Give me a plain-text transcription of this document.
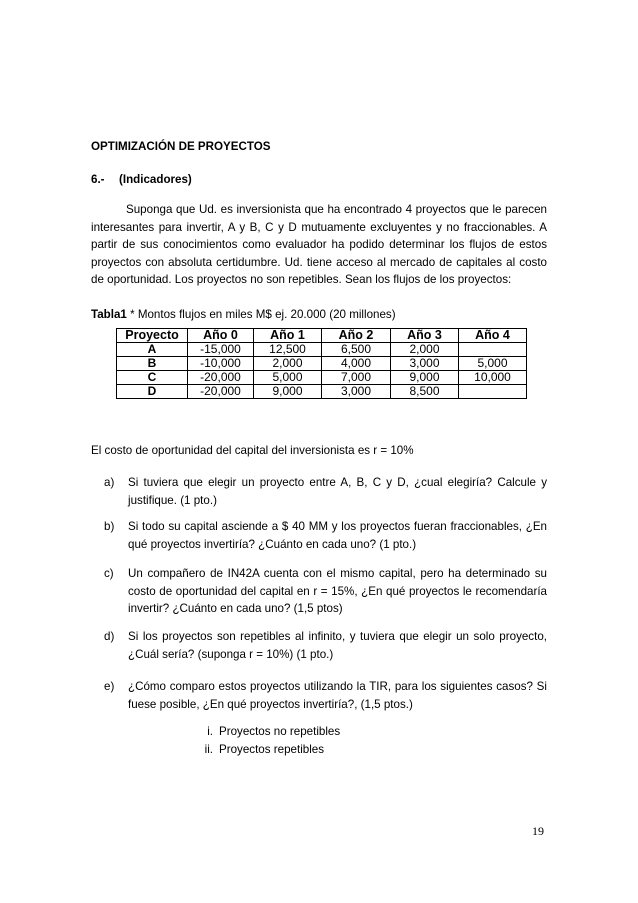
OPTIMIZACIÓN DE PROYECTOS
6.- (Indicadores)
Suponga que Ud. es inversionista que ha encontrado 4 proyectos que le parecen interesantes para invertir, A y B, C y D mutuamente excluyentes y no fraccionables. A partir de sus conocimientos como evaluador ha podido determinar los flujos de estos proyectos con absoluta certidumbre. Ud. tiene acceso al mercado de capitales al costo de oportunidad. Los proyectos no son repetibles. Sean los flujos de los proyectos:
Tabla1 * Montos flujos en miles M$ ej. 20.000 (20 millones)
Proyecto	Año 0	Año 1	Año 2	Año 3	Año 4
A	-15,000	12,500	6,500	2,000	
B	-10,000	2,000	4,000	3,000	5,000
C	-20,000	5,000	7,000	9,000	10,000
D	-20,000	9,000	3,000	8,500	
El costo de oportunidad del capital del inversionista es r = 10%
a) Si tuviera que elegir un proyecto entre A, B, C y D, ¿cual elegiría? Calcule y justifique. (1 pto.)
b) Si todo su capital asciende a $ 40 MM y los proyectos fueran fraccionables, ¿En qué proyectos invertiría? ¿Cuánto en cada uno? (1 pto.)
c) Un compañero de IN42A cuenta con el mismo capital, pero ha determinado su costo de oportunidad del capital en r = 15%, ¿En qué proyectos le recomendaría invertir? ¿Cuánto en cada uno? (1,5 ptos)
d) Si los proyectos son repetibles al infinito, y tuviera que elegir un solo proyecto, ¿Cuál sería? (suponga r = 10%) (1 pto.)
e) ¿Cómo comparo estos proyectos utilizando la TIR, para los siguientes casos? Si fuese posible, ¿En qué proyectos invertiría?, (1,5 ptos.)
i. Proyectos no repetibles
ii. Proyectos repetibles
19
